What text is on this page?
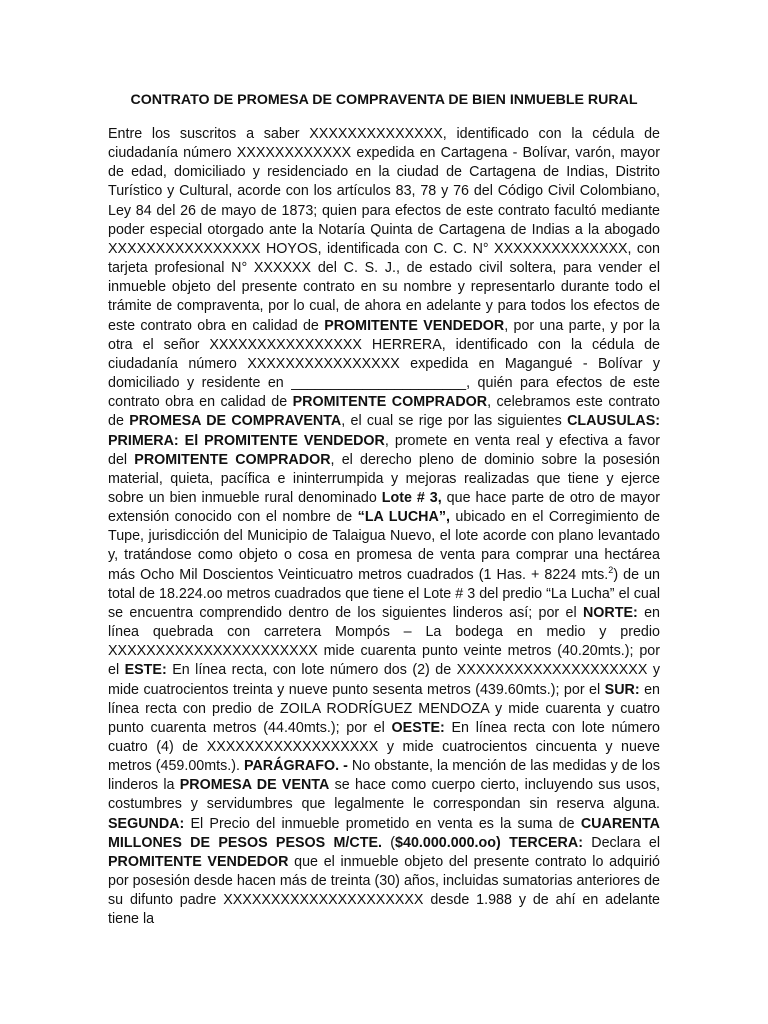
CONTRATO DE PROMESA DE COMPRAVENTA DE BIEN INMUEBLE RURAL

Entre los suscritos a saber XXXXXXXXXXXXXX, identificado con la cédula de ciudadanía número XXXXXXXXXXXX expedida en Cartagena - Bolívar, varón, mayor de edad, domiciliado y residenciado en la ciudad de Cartagena de Indias, Distrito Turístico y Cultural, acorde con los artículos 83, 78 y 76 del Código Civil Colombiano, Ley 84 del 26 de mayo de 1873; quien para efectos de este contrato facultó mediante poder especial otorgado ante la Notaría Quinta de Cartagena de Indias a la abogado XXXXXXXXXXXXXXXX HOYOS, identificada con C. C. N° XXXXXXXXXXXXXX, con tarjeta profesional N° XXXXXX del C. S. J., de estado civil soltera, para vender el inmueble objeto del presente contrato en su nombre y representarlo durante todo el trámite de compraventa, por lo cual, de ahora en adelante y para todos los efectos de este contrato obra en calidad de PROMITENTE VENDEDOR, por una parte, y por la otra el señor XXXXXXXXXXXXXXXX HERRERA, identificado con la cédula de ciudadanía número XXXXXXXXXXXXXXXX expedida en Magangué - Bolívar y domiciliado y residente en ______________________, quién para efectos de este contrato obra en calidad de PROMITENTE COMPRADOR, celebramos este contrato de PROMESA DE COMPRAVENTA, el cual se rige por las siguientes CLAUSULAS: PRIMERA: El PROMITENTE VENDEDOR, promete en venta real y efectiva a favor del PROMITENTE COMPRADOR, el derecho pleno de dominio sobre la posesión material, quieta, pacífica e ininterrumpida y mejoras realizadas que tiene y ejerce sobre un bien inmueble rural denominado Lote # 3, que hace parte de otro de mayor extensión conocido con el nombre de “LA LUCHA”, ubicado en el Corregimiento de Tupe, jurisdicción del Municipio de Talaigua Nuevo, el lote acorde con plano levantado y, tratándose como objeto o cosa en promesa de venta para comprar una hectárea más Ocho Mil Doscientos Veinticuatro metros cuadrados (1 Has. + 8224 mts.$^2$) de un total de 18.224.oo metros cuadrados que tiene el Lote # 3 del predio “La Lucha” el cual se encuentra comprendido dentro de los siguientes linderos así; por el NORTE: en línea quebrada con carretera Mompós – La bodega en medio y predio XXXXXXXXXXXXXXXXXXXXXX mide cuarenta punto veinte metros (40.20mts.); por el ESTE: En línea recta, con lote número dos (2) de XXXXXXXXXXXXXXXXXXXX y mide cuatrocientos treinta y nueve punto sesenta metros (439.60mts.); por el SUR: en línea recta con predio de ZOILA RODRÍGUEZ MENDOZA y mide cuarenta y cuatro punto cuarenta metros (44.40mts.); por el OESTE: En línea recta con lote número cuatro (4) de XXXXXXXXXXXXXXXXXX y mide cuatrocientos cincuenta y nueve metros (459.00mts.). PARÁGRAFO. - No obstante, la mención de las medidas y de los linderos la PROMESA DE VENTA se hace como cuerpo cierto, incluyendo sus usos, costumbres y servidumbres que legalmente le correspondan sin reserva alguna. SEGUNDA: El Precio del inmueble prometido en venta es la suma de CUARENTA MILLONES DE PESOS PESOS M/CTE. ($40.000.000.oo) TERCERA: Declara el PROMITENTE VENDEDOR que el inmueble objeto del presente contrato lo adquirió por posesión desde hacen más de treinta (30) años, incluidas sumatorias anteriores de su difunto padre XXXXXXXXXXXXXXXXXXXXX desde 1.988 y de ahí en adelante tiene la
